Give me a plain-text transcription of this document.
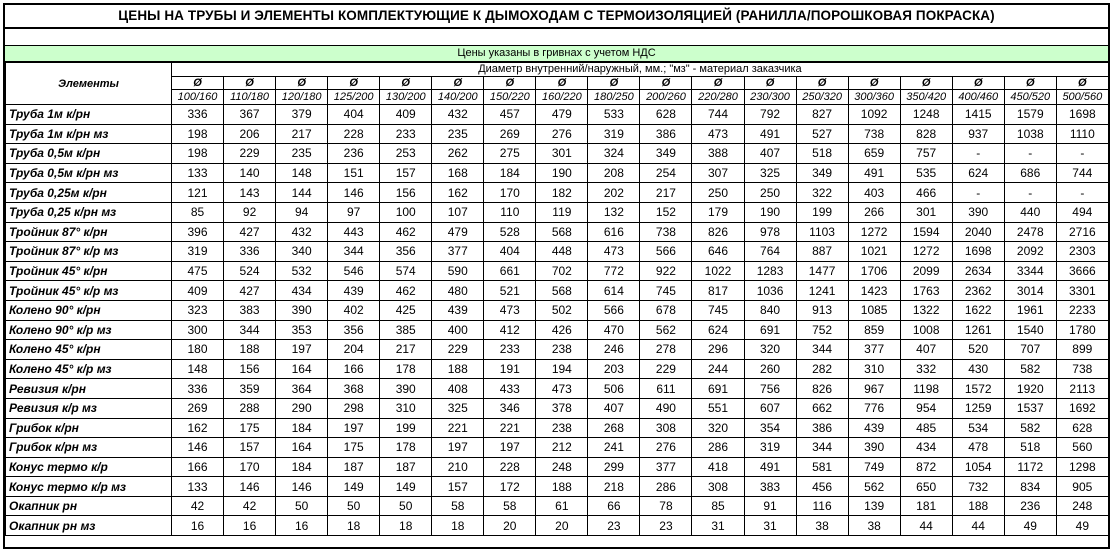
ЦЕНЫ НА ТРУБЫ И ЭЛЕМЕНТЫ КОМПЛЕКТУЮЩИЕ К ДЫМОХОДАМ С ТЕРМОИЗОЛЯЦИЕЙ (РАНИЛЛА/ПОРОШКОВАЯ ПОКРАСКА)
Цены указаны в гривнах с учетом НДС
Элементы	Диаметр внутренний/наружный, мм.; "мз" - материал заказчика																	
	Ø	Ø	Ø	Ø	Ø	Ø	Ø	Ø	Ø	Ø	Ø	Ø	Ø	Ø	Ø	Ø	Ø	Ø
	100/160	110/180	120/180	125/200	130/200	140/200	150/220	160/220	180/250	200/260	220/280	230/300	250/320	300/360	350/420	400/460	450/520	500/560
Труба 1м к/рн	336	367	379	404	409	432	457	479	533	628	744	792	827	1092	1248	1415	1579	1698
Труба 1м к/рн мз	198	206	217	228	233	235	269	276	319	386	473	491	527	738	828	937	1038	1110
Труба 0,5м к/рн	198	229	235	236	253	262	275	301	324	349	388	407	518	659	757	-	-	-
Труба 0,5м к/рн мз	133	140	148	151	157	168	184	190	208	254	307	325	349	491	535	624	686	744
Труба 0,25м к/рн	121	143	144	146	156	162	170	182	202	217	250	250	322	403	466	-	-	-
Труба 0,25 к/рн мз	85	92	94	97	100	107	110	119	132	152	179	190	199	266	301	390	440	494
Тройник 87° к/рн	396	427	432	443	462	479	528	568	616	738	826	978	1103	1272	1594	2040	2478	2716
Тройник 87° к/р мз	319	336	340	344	356	377	404	448	473	566	646	764	887	1021	1272	1698	2092	2303
Тройник 45° к/рн	475	524	532	546	574	590	661	702	772	922	1022	1283	1477	1706	2099	2634	3344	3666
Тройник 45° к/р мз	409	427	434	439	462	480	521	568	614	745	817	1036	1241	1423	1763	2362	3014	3301
Колено 90° к/рн	323	383	390	402	425	439	473	502	566	678	745	840	913	1085	1322	1622	1961	2233
Колено 90° к/р мз	300	344	353	356	385	400	412	426	470	562	624	691	752	859	1008	1261	1540	1780
Колено 45° к/рн	180	188	197	204	217	229	233	238	246	278	296	320	344	377	407	520	707	899
Колено 45° к/р мз	148	156	164	166	178	188	191	194	203	229	244	260	282	310	332	430	582	738
Ревизия к/рн	336	359	364	368	390	408	433	473	506	611	691	756	826	967	1198	1572	1920	2113
Ревизия к/р мз	269	288	290	298	310	325	346	378	407	490	551	607	662	776	954	1259	1537	1692
Грибок к/рн	162	175	184	197	199	221	221	238	268	308	320	354	386	439	485	534	582	628
Грибок к/рн мз	146	157	164	175	178	197	197	212	241	276	286	319	344	390	434	478	518	560
Конус термо к/р	166	170	184	187	187	210	228	248	299	377	418	491	581	749	872	1054	1172	1298
Конус термо к/р мз	133	146	146	149	149	157	172	188	218	286	308	383	456	562	650	732	834	905
Окапник рн	42	42	50	50	50	58	58	61	66	78	85	91	116	139	181	188	236	248
Окапник рн мз	16	16	16	18	18	18	20	20	23	23	31	31	38	38	44	44	49	49
